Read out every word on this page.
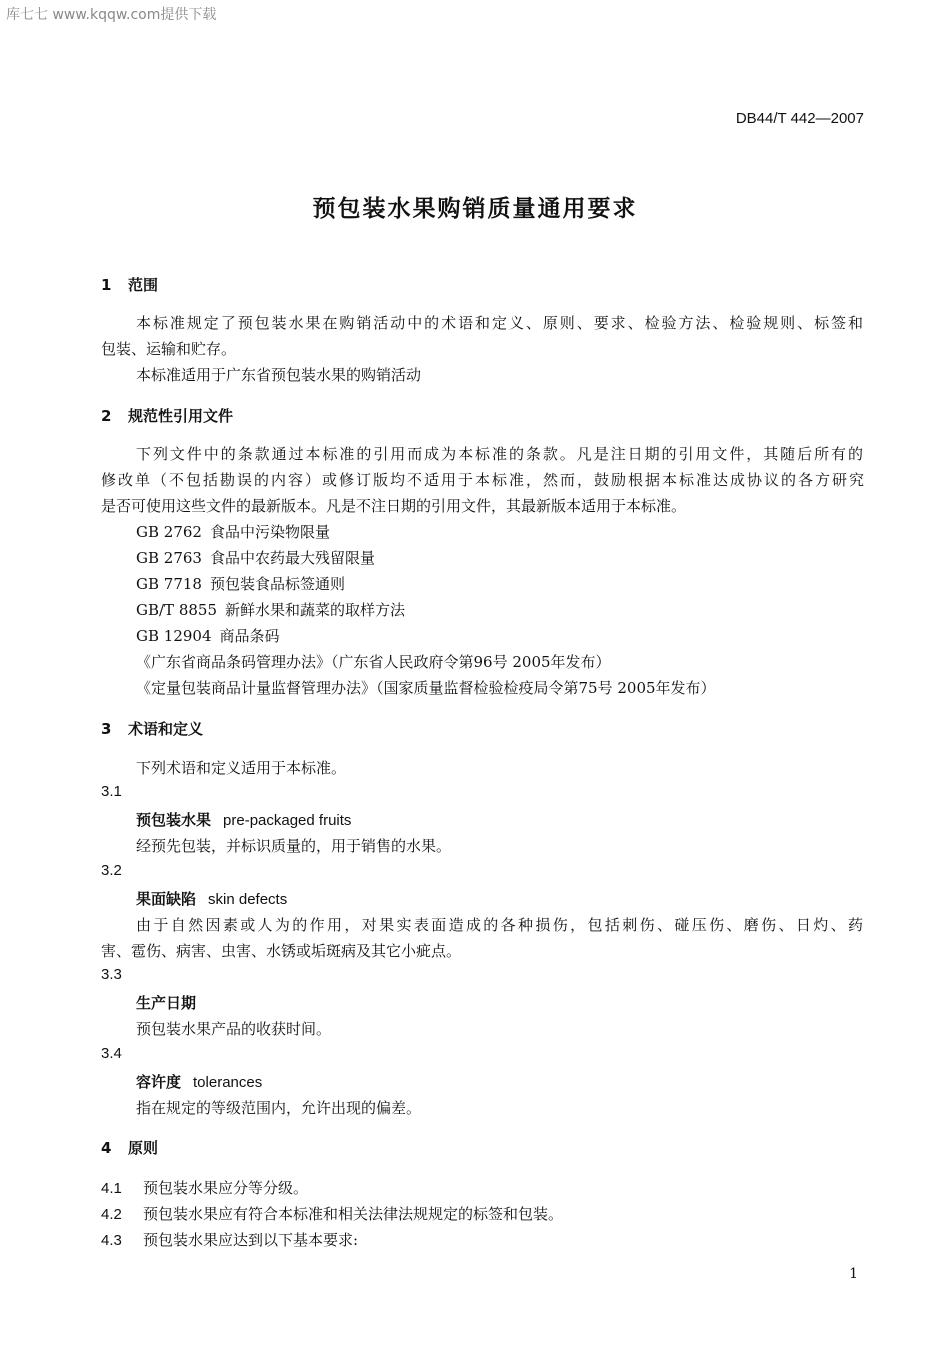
库七七 www.kqqw.com提供下载
DB44/T 442—2007
预包装水果购销质量通用要求
1 范围
本标准规定了预包装水果在购销活动中的术语和定义、原则、要求、检验方法、检验规则、标签和
包装、运输和贮存。
本标准适用于广东省预包装水果的购销活动
2 规范性引用文件
下列文件中的条款通过本标准的引用而成为本标准的条款。凡是注日期的引用文件，其随后所有的
修改单（不包括勘误的内容）或修订版均不适用于本标准，然而，鼓励根据本标准达成协议的各方研究
是否可使用这些文件的最新版本。凡是不注日期的引用文件，其最新版本适用于本标准。
GB 2762 食品中污染物限量
GB 2763 食品中农药最大残留限量
GB 7718 预包装食品标签通则
GB/T 8855 新鲜水果和蔬菜的取样方法
GB 12904 商品条码
《广东省商品条码管理办法》（广东省人民政府令第96号 2005年发布）
《定量包装商品计量监督管理办法》（国家质量监督检验检疫局令第75号 2005年发布）
3 术语和定义
下列术语和定义适用于本标准。
3.1
预包装水果 pre-packaged fruits
经预先包装，并标识质量的，用于销售的水果。
3.2
果面缺陷 skin defects
由于自然因素或人为的作用，对果实表面造成的各种损伤，包括刺伤、碰压伤、磨伤、日灼、药
害、雹伤、病害、虫害、水锈或垢斑病及其它小疵点。
3.3
生产日期
预包装水果产品的收获时间。
3.4
容许度 tolerances
指在规定的等级范围内，允许出现的偏差。
4 原则
4.1 预包装水果应分等分级。
4.2 预包装水果应有符合本标准和相关法律法规规定的标签和包装。
4.3 预包装水果应达到以下基本要求:
1
